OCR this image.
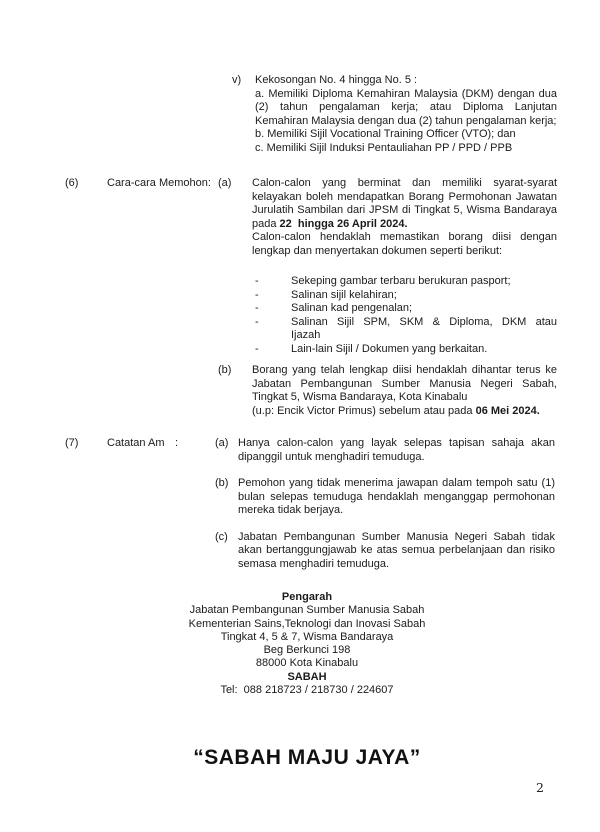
v)	Kekosongan No. 4 hingga No. 5 :

a. Memiliki Diploma Kemahiran Malaysia (DKM) dengan dua (2) tahun pengalaman kerja; atau Diploma Lanjutan Kemahiran Malaysia dengan dua (2) tahun pengalaman kerja;

b. Memiliki Sijil Vocational Training Officer (VTO); dan
c. Memiliki Sijil Induksi Pentauliahan PP / PPD / PPB
(6)	Cara-cara Memohon: (a)	Calon-calon yang berminat dan memiliki syarat-syarat kelayakan boleh mendapatkan Borang Permohonan Jawatan Jurulatih Sambilan dari JPSM di Tingkat 5, Wisma Bandaraya pada 22  hingga 26 April 2024.

Calon-calon hendaklah memastikan borang diisi dengan lengkap dan menyertakan dokumen seperti berikut:

-	Sekeping gambar terbaru berukuran pasport;
-	Salinan sijil kelahiran;
-	Salinan kad pengenalan;
-	Salinan Sijil SPM, SKM & Diploma, DKM atau Ijazah
-	Lain-lain Sijil / Dokumen yang berkaitan.
(b)	Borang yang telah lengkap diisi hendaklah dihantar terus ke Jabatan Pembangunan Sumber Manusia Negeri Sabah, Tingkat 5, Wisma Bandaraya, Kota Kinabalu

(u.p: Encik Victor Primus) sebelum atau pada 06 Mei 2024.

(7)	Catatan Am :	(a) Hanya calon-calon yang layak selepas tapisan sahaja akan dipanggil untuk menghadiri temuduga.
(b) Pemohon yang tidak menerima jawapan dalam tempoh satu (1) bulan selepas temuduga hendaklah menganggap permohonan mereka tidak berjaya.
(c) Jabatan Pembangunan Sumber Manusia Negeri Sabah tidak akan bertanggungjawab ke atas semua perbelanjaan dan risiko semasa menghadiri temuduga.
Pengarah
Jabatan Pembangunan Sumber Manusia Sabah
Kementerian Sains,Teknologi dan Inovasi Sabah
Tingkat 4, 5 & 7, Wisma Bandaraya
Beg Berkunci 198
88000 Kota Kinabalu
SABAH
Tel:  088 218723 / 218730 / 224607
“SABAH MAJU JAYA”
2
